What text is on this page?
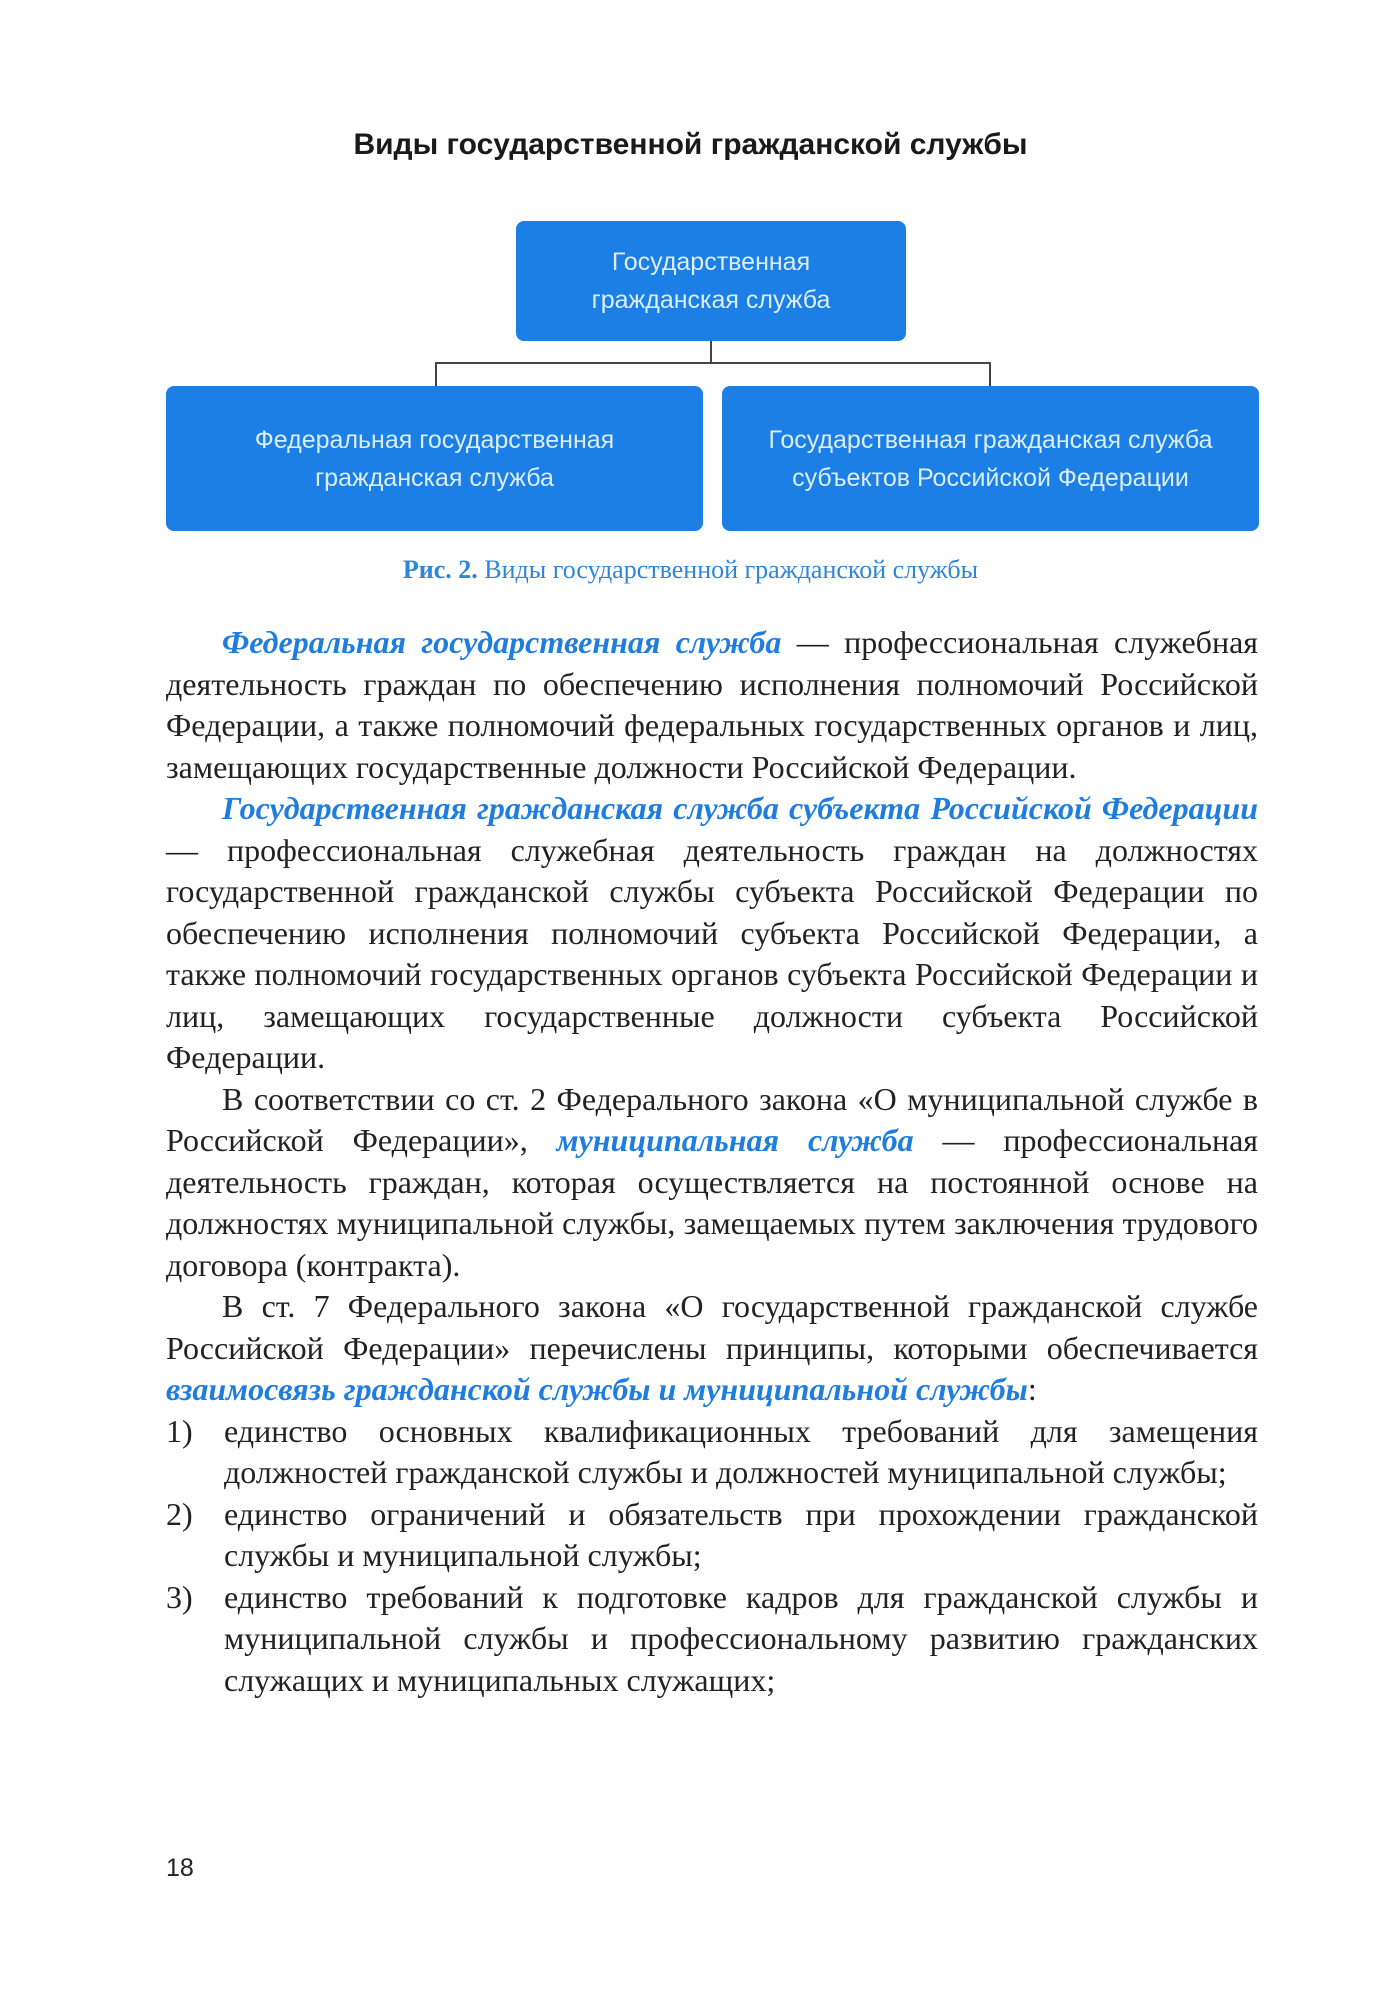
Виды государственной гражданской службы
Государственная
гражданская служба
Федеральная государственная
гражданская служба
Государственная гражданская служба
субъектов Российской Федерации
Рис. 2. Виды государственной гражданской службы

Федеральная государственная служба — профессиональная служебная деятельность граждан по обеспечению исполнения полномочий Российской Федерации, а также полномочий федеральных государственных органов и лиц, замещающих государственные должности Российской Федерации.

Государственная гражданская служба субъекта Российской Федерации — профессиональная служебная деятельность граждан на должностях государственной гражданской службы субъекта Российской Федерации по обеспечению исполнения полномочий субъекта Российской Федерации, а также полномочий государственных органов субъекта Российской Федерации и лиц, замещающих государственные должности субъекта Российской Федерации.

В соответствии со ст. 2 Федерального закона «О муниципальной службе в Российской Федерации», муниципальная служба — профессиональная деятельность граждан, которая осуществляется на постоянной основе на должностях муниципальной службы, замещаемых путем заключения трудового договора (контракта).

В ст. 7 Федерального закона «О государственной гражданской службе Российской Федерации» перечислены принципы, которыми обеспечивается взаимосвязь гражданской службы и муниципальной службы:

1) единство основных квалификационных требований для замещения должностей гражданской службы и должностей муниципальной службы;
2) единство ограничений и обязательств при прохождении гражданской службы и муниципальной службы;
3) единство требований к подготовке кадров для гражданской службы и муниципальной службы и профессиональному развитию гражданских служащих и муниципальных служащих;
18
